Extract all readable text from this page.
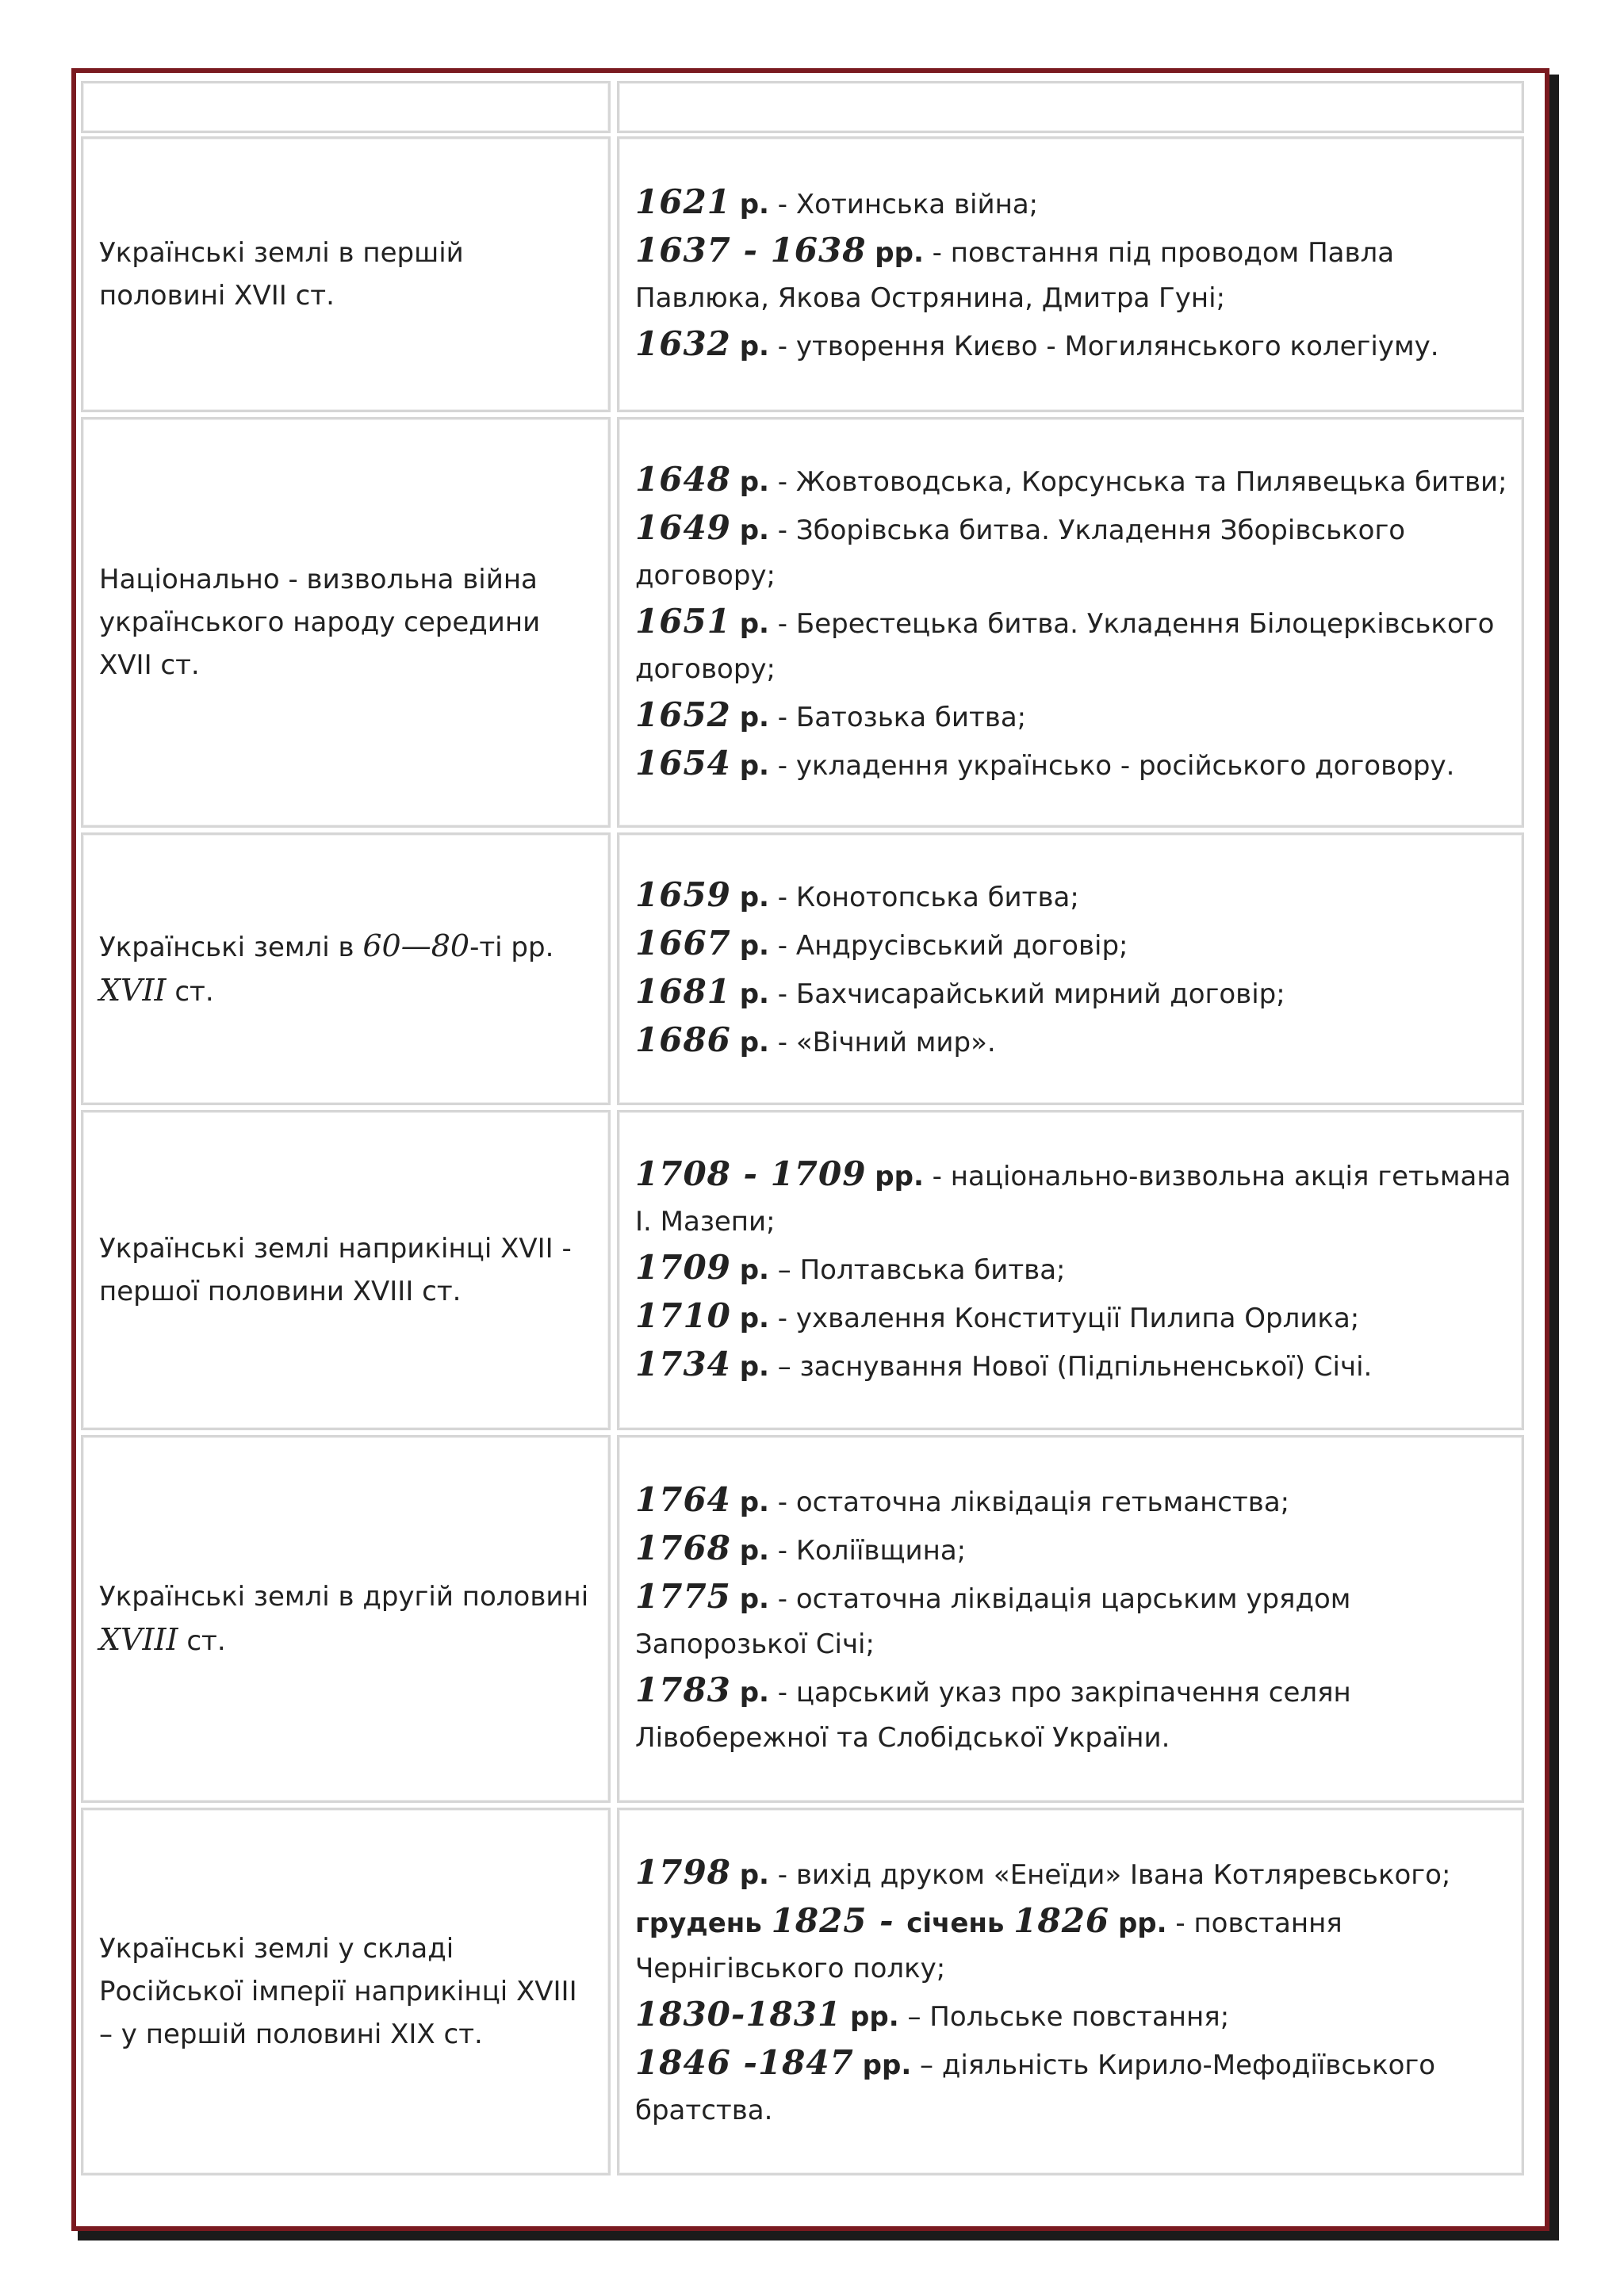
Українські землі в першій
половині XVІІ ст.
1621 р. - Хотинська війна;
1637 - 1638 рр. - повстання під проводом Павла
Павлюка, Якова Острянина, Дмитра Гуні;
1632 р. - утворення Києво - Могилянського колегіуму.
Національно - визвольна війна
українського народу середини
XVІІ ст.
1648 р. - Жовтоводська, Корсунська та Пилявецька битви;
1649 р. - Зборівська битва. Укладення Зборівського
договору;
1651 р. - Берестецька битва. Укладення Білоцерківського
договору;
1652 р. - Батозька битва;
1654 р. - укладення українсько - російського договору.
Українські землі в 60—80-ті рр.
XVII ст.
1659 р. - Конотопська битва;
1667 р. - Андрусівський договір;
1681 р. - Бахчисарайський мирний договір;
1686 р. - «Вічний мир».
Українські землі наприкінці XVІІ -
першої половини XVІІІ ст.
1708 - 1709 рр. - національно-визвольна акція гетьмана
І. Мазепи;
1709 р. – Полтавська битва;
1710 р. - ухвалення Конституції Пилипа Орлика;
1734 р. – заснування Нової (Підпільненської) Січі.
Українські землі в другій половині
XVIII ст.
1764 р. - остаточна ліквідація гетьманства;
1768 р. - Коліївщина;
1775 р. - остаточна ліквідація царським урядом
Запорозької Січі;
1783 р. - царський указ про закріпачення селян
Лівобережної та Слобідської України.
Українські землі у складі
Російської імперії наприкінці XVІІІ
– у першій половині ХІХ ст.
1798 р. - вихід друком «Енеїди» Івана Котляревського;
грудень 1825 - січень 1826 рр. - повстання
Чернігівського полку;
1830-1831 рр. – Польське повстання;
1846 -1847 рр. – діяльність Кирило-Мефодіївського
братства.
